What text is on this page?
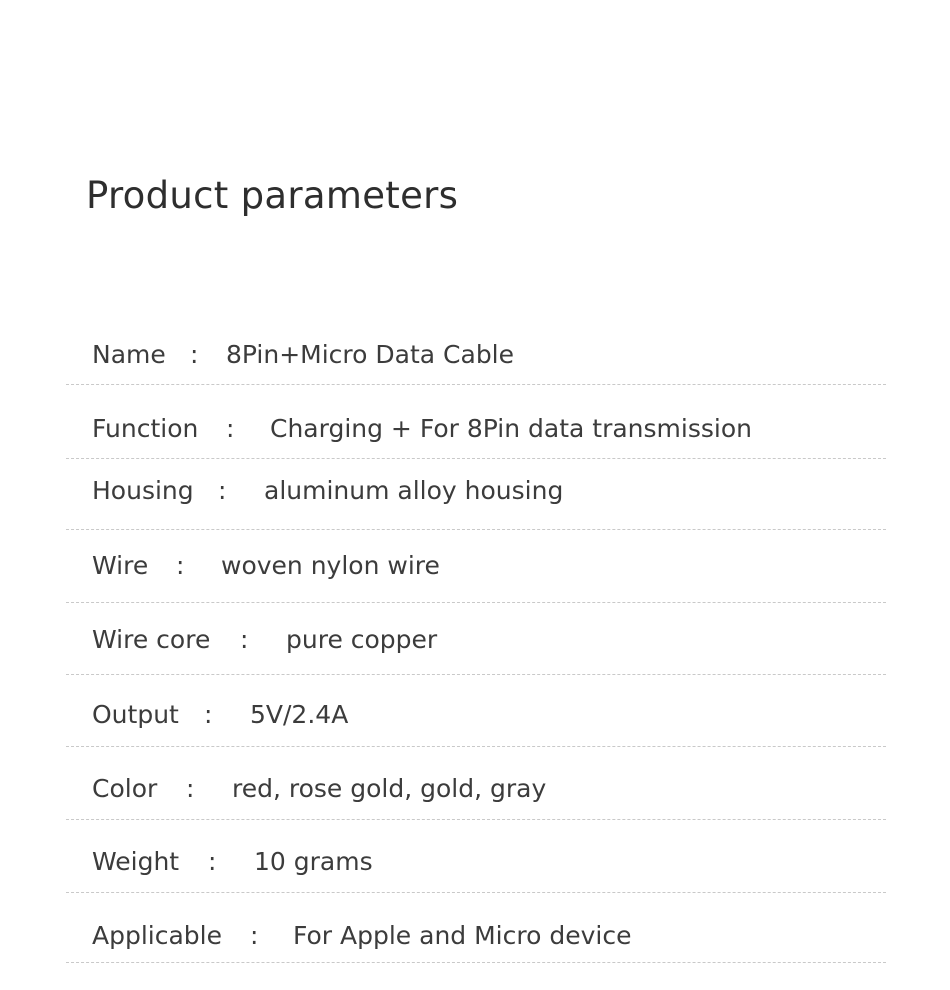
Product parameters
Name : 8Pin+Micro Data Cable
Function : Charging + For 8Pin data transmission
Housing : aluminum alloy housing
Wire : woven nylon wire
Wire core : pure copper
Output : 5V/2.4A
Color : red, rose gold, gold, gray
Weight : 10 grams
Applicable : For Apple and Micro device
